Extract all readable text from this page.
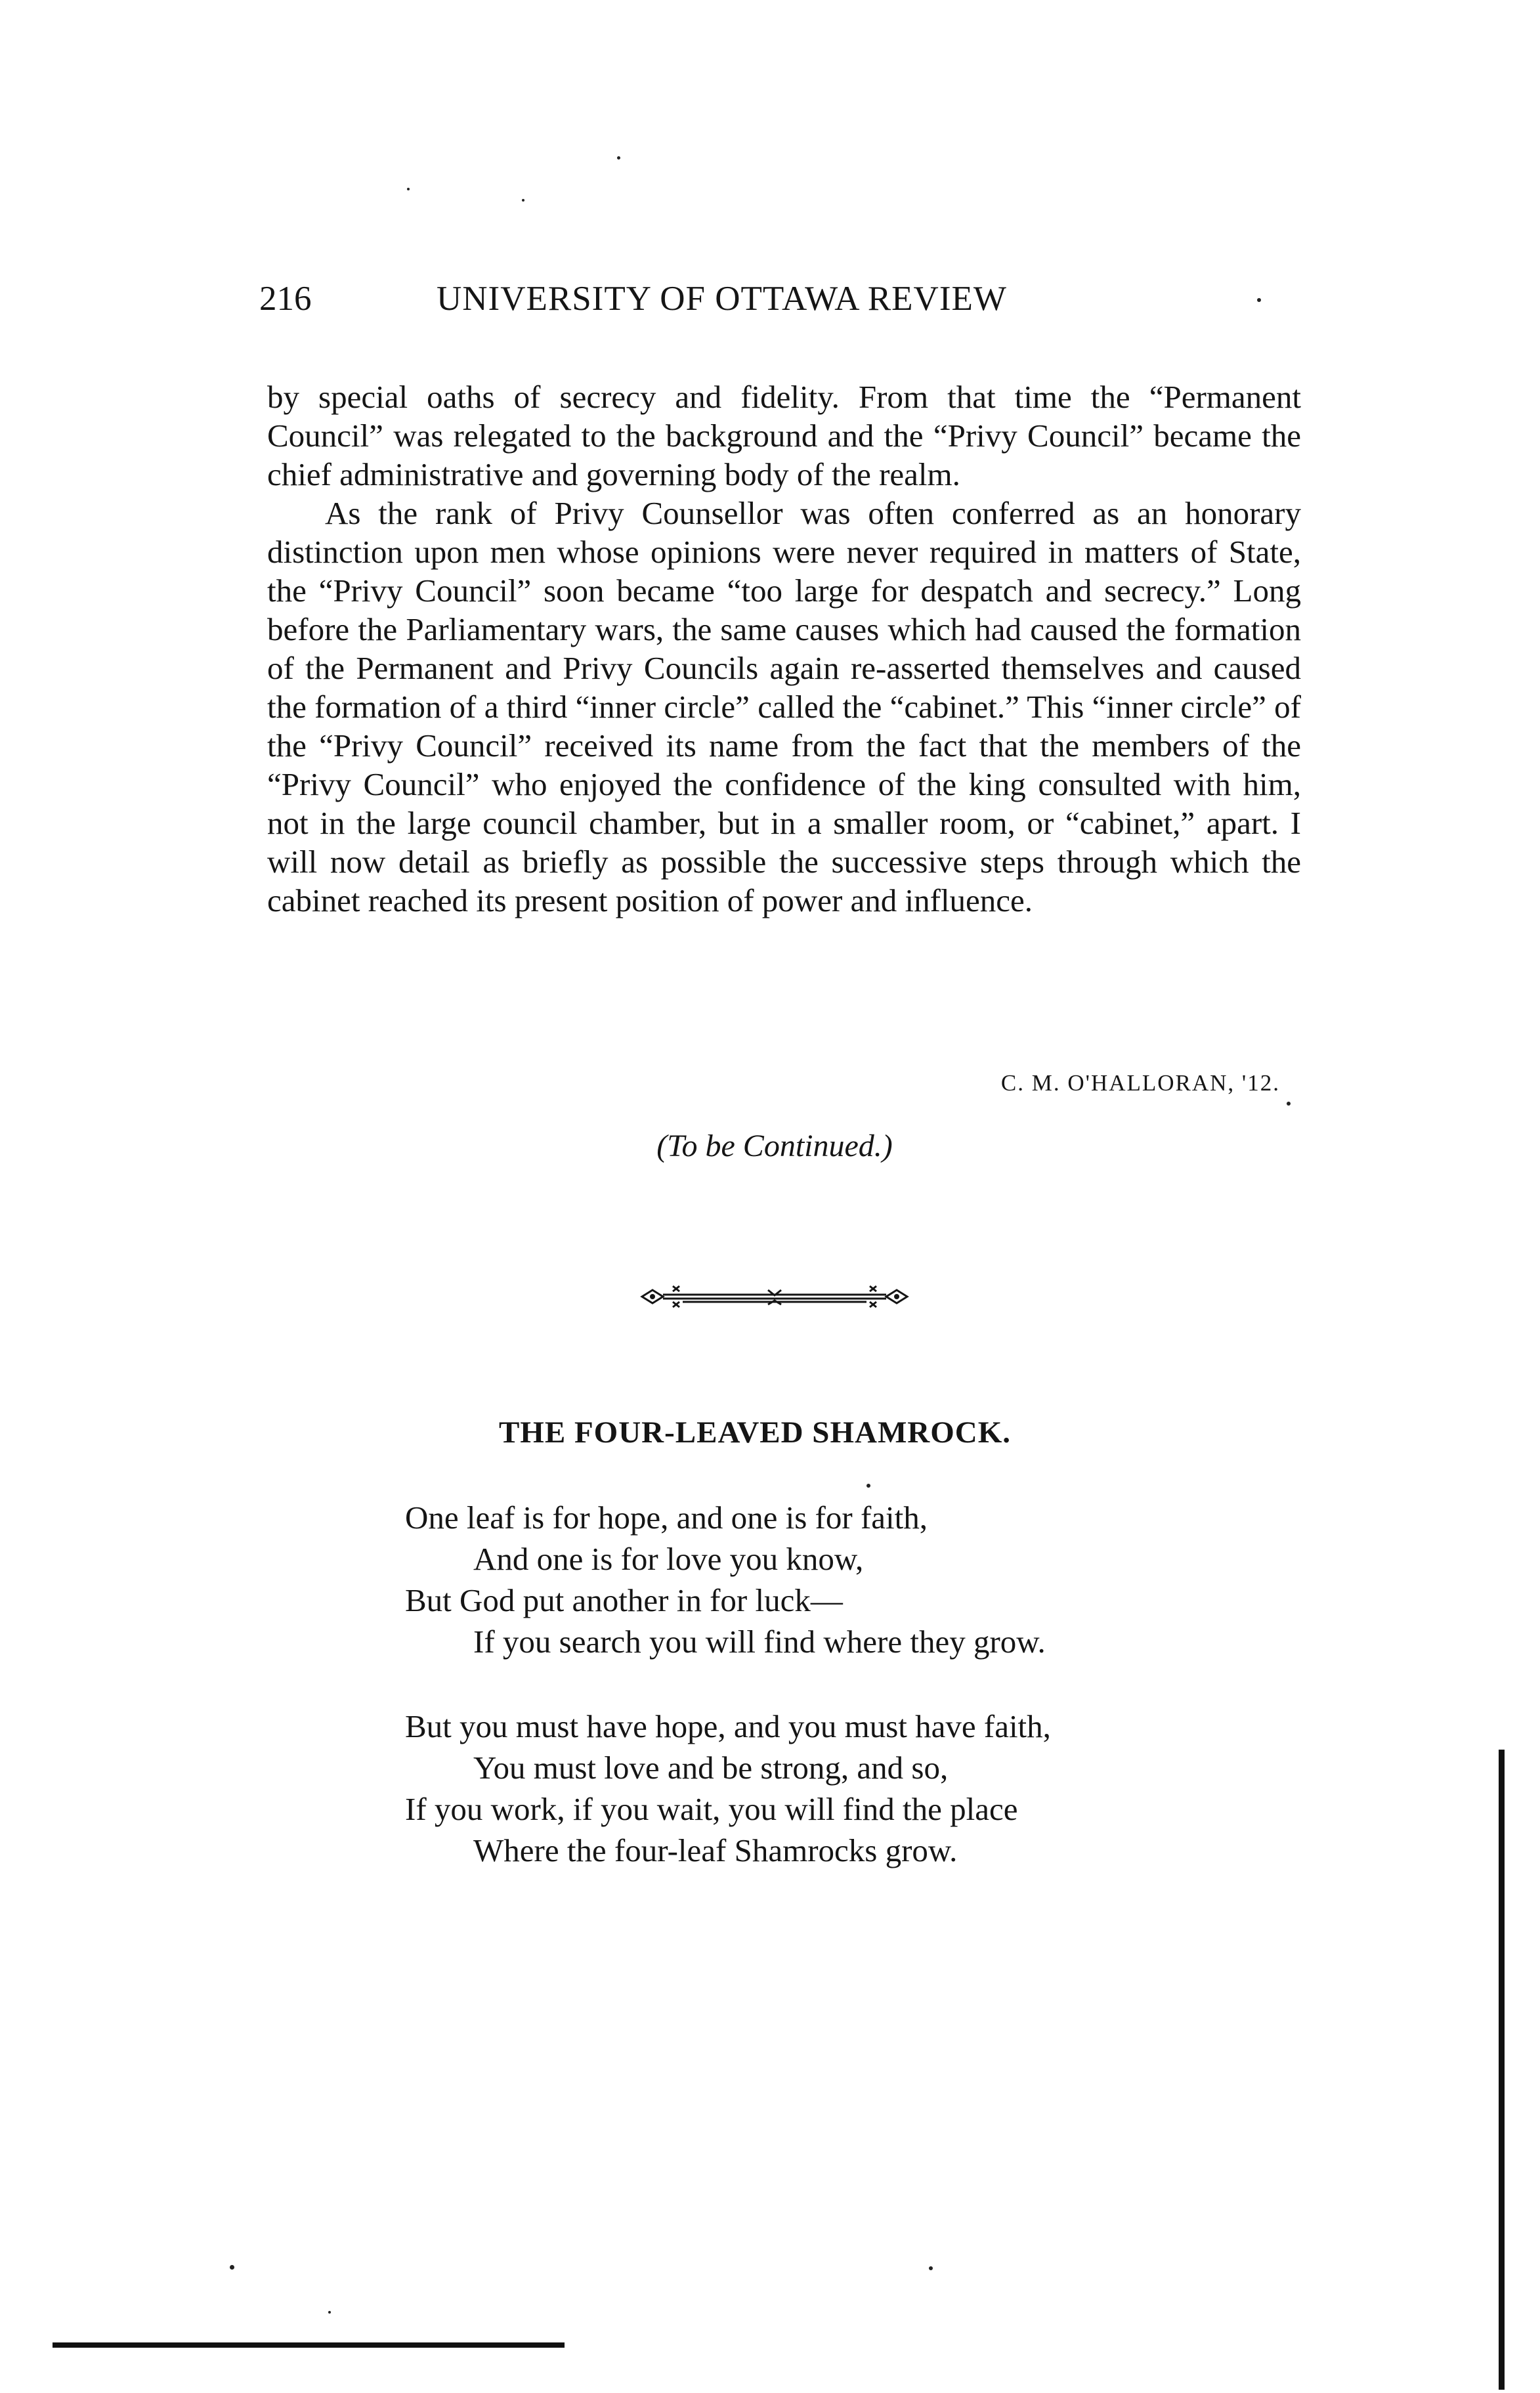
216	UNIVERSITY OF OTTAWA REVIEW

by special oaths of secrecy and fidelity. From that time the “Permanent Council” was relegated to the background and the “Privy Council” became the chief administrative and governing body of the realm.

As the rank of Privy Counsellor was often conferred as an honorary distinction upon men whose opinions were never required in matters of State, the “Privy Council” soon became “too large for despatch and secrecy.” Long before the Parliamentary wars, the same causes which had caused the formation of the Permanent and Privy Councils again re-asserted themselves and caused the formation of a third “inner circle” called the “cabinet.” This “inner circle” of the “Privy Council” received its name from the fact that the members of the “Privy Council” who enjoyed the confidence of the king consulted with him, not in the large council chamber, but in a smaller room, or “cabinet,” apart. I will now detail as briefly as possible the successive steps through which the cabinet reached its present position of power and influence.

C. M. O'HALLORAN, '12.
(To be Continued.)
THE FOUR-LEAVED SHAMROCK.
One leaf is for hope, and one is for faith,
And one is for love you know,
But God put another in for luck—
If you search you will find where they grow.
But you must have hope, and you must have faith,
You must love and be strong, and so,
If you work, if you wait, you will find the place
Where the four-leaf Shamrocks grow.
